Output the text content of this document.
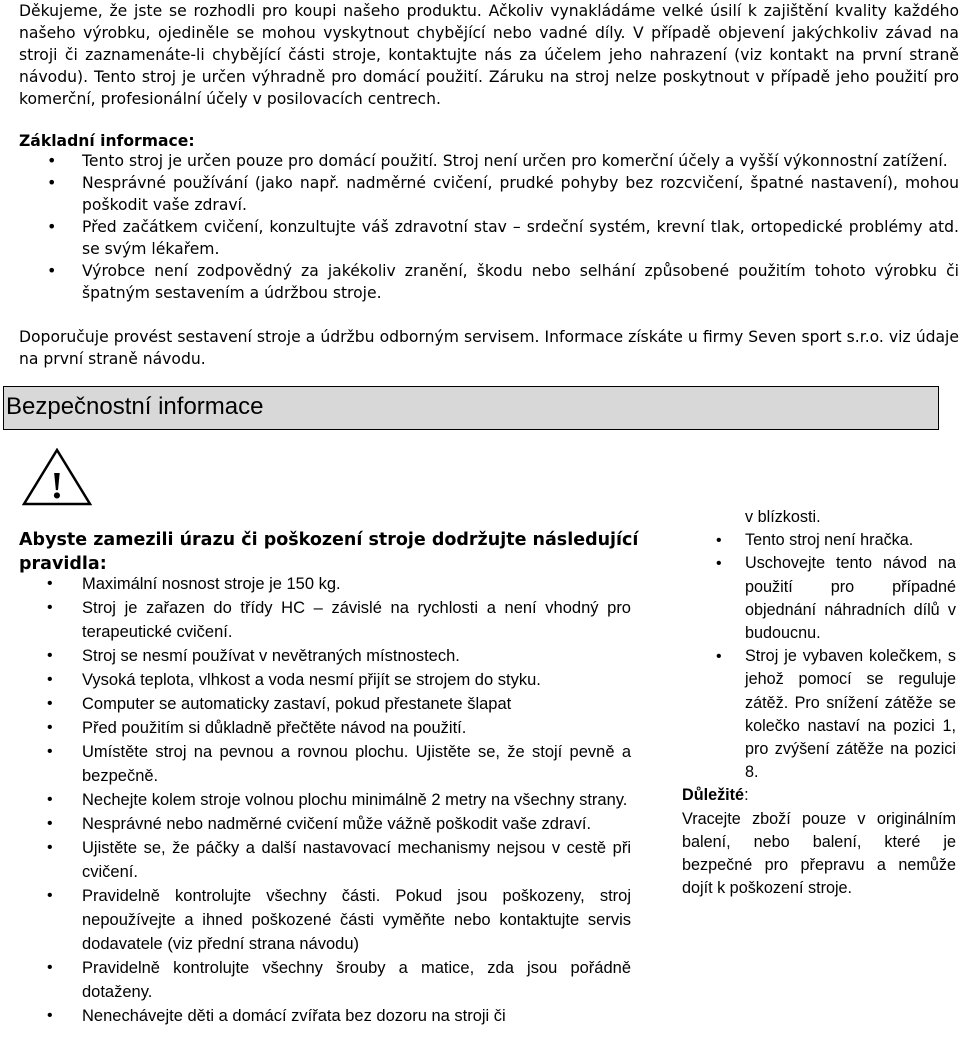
Děkujeme, že jste se rozhodli pro koupi našeho produktu. Ačkoliv vynakládáme velké úsilí k zajištění kvality každého našeho výrobku, ojediněle se mohou vyskytnout chybějící nebo vadné díly. V případě objevení jakýchkoliv závad na stroji či zaznamenáte-li chybějící části stroje, kontaktujte nás za účelem jeho nahrazení (viz kontakt na první straně návodu). Tento stroj je určen výhradně pro domácí použití. Záruku na stroj nelze poskytnout v případě jeho použití pro komerční, profesionální účely v posilovacích centrech.

Základní informace:

• Tento stroj je určen pouze pro domácí použití. Stroj není určen pro komerční účely a vyšší výkonnostní zatížení.
• Nesprávné používání (jako např. nadměrné cvičení, prudké pohyby bez rozcvičení, špatné nastavení), mohou poškodit vaše zdraví.
• Před začátkem cvičení, konzultujte váš zdravotní stav – srdeční systém, krevní tlak, ortopedické problémy atd. se svým lékařem.
• Výrobce není zodpovědný za jakékoliv zranění, škodu nebo selhání způsobené použitím tohoto výrobku či špatným sestavením a údržbou stroje.

Doporučuje provést sestavení stroje a údržbu odborným servisem. Informace získáte u firmy Seven sport s.r.o. viz údaje na první straně návodu.

Bezpečnostní informace
!

Abyste zamezili úrazu či poškození stroje dodržujte následující pravidla:

• Maximální nosnost stroje je 150 kg.
• Stroj je zařazen do třídy HC – závislé na rychlosti a není vhodný pro terapeutické cvičení.
• Stroj se nesmí používat v nevětraných místnostech.
• Vysoká teplota, vlhkost a voda nesmí přijít se strojem do styku.
• Computer se automaticky zastaví, pokud přestanete šlapat
• Před použitím si důkladně přečtěte návod na použití.
• Umístěte stroj na pevnou a rovnou plochu. Ujistěte se, že stojí pevně a bezpečně.
• Nechejte kolem stroje volnou plochu minimálně 2 metry na všechny strany.
• Nesprávné nebo nadměrné cvičení může vážně poškodit vaše zdraví.
• Ujistěte se, že páčky a další nastavovací mechanismy nejsou v cestě při cvičení.
• Pravidelně kontrolujte všechny části. Pokud jsou poškozeny, stroj nepoužívejte a ihned poškozené části vyměňte nebo kontaktujte servis dodavatele (viz přední strana návodu)
• Pravidelně kontrolujte všechny šrouby a matice, zda jsou pořádně dotaženy.
• Nenechávejte děti a domácí zvířata bez dozoru na stroji či

v blízkosti.

• Tento stroj není hračka.
• Uschovejte tento návod na použití pro případné objednání náhradních dílů v budoucnu.
• Stroj je vybaven kolečkem, s jehož pomocí se reguluje zátěž. Pro snížení zátěže se kolečko nastaví na pozici 1, pro zvýšení zátěže na pozici 8.

Důležité:

Vracejte zboží pouze v originálním balení, nebo balení, které je bezpečné pro přepravu a nemůže dojít k poškození stroje.
